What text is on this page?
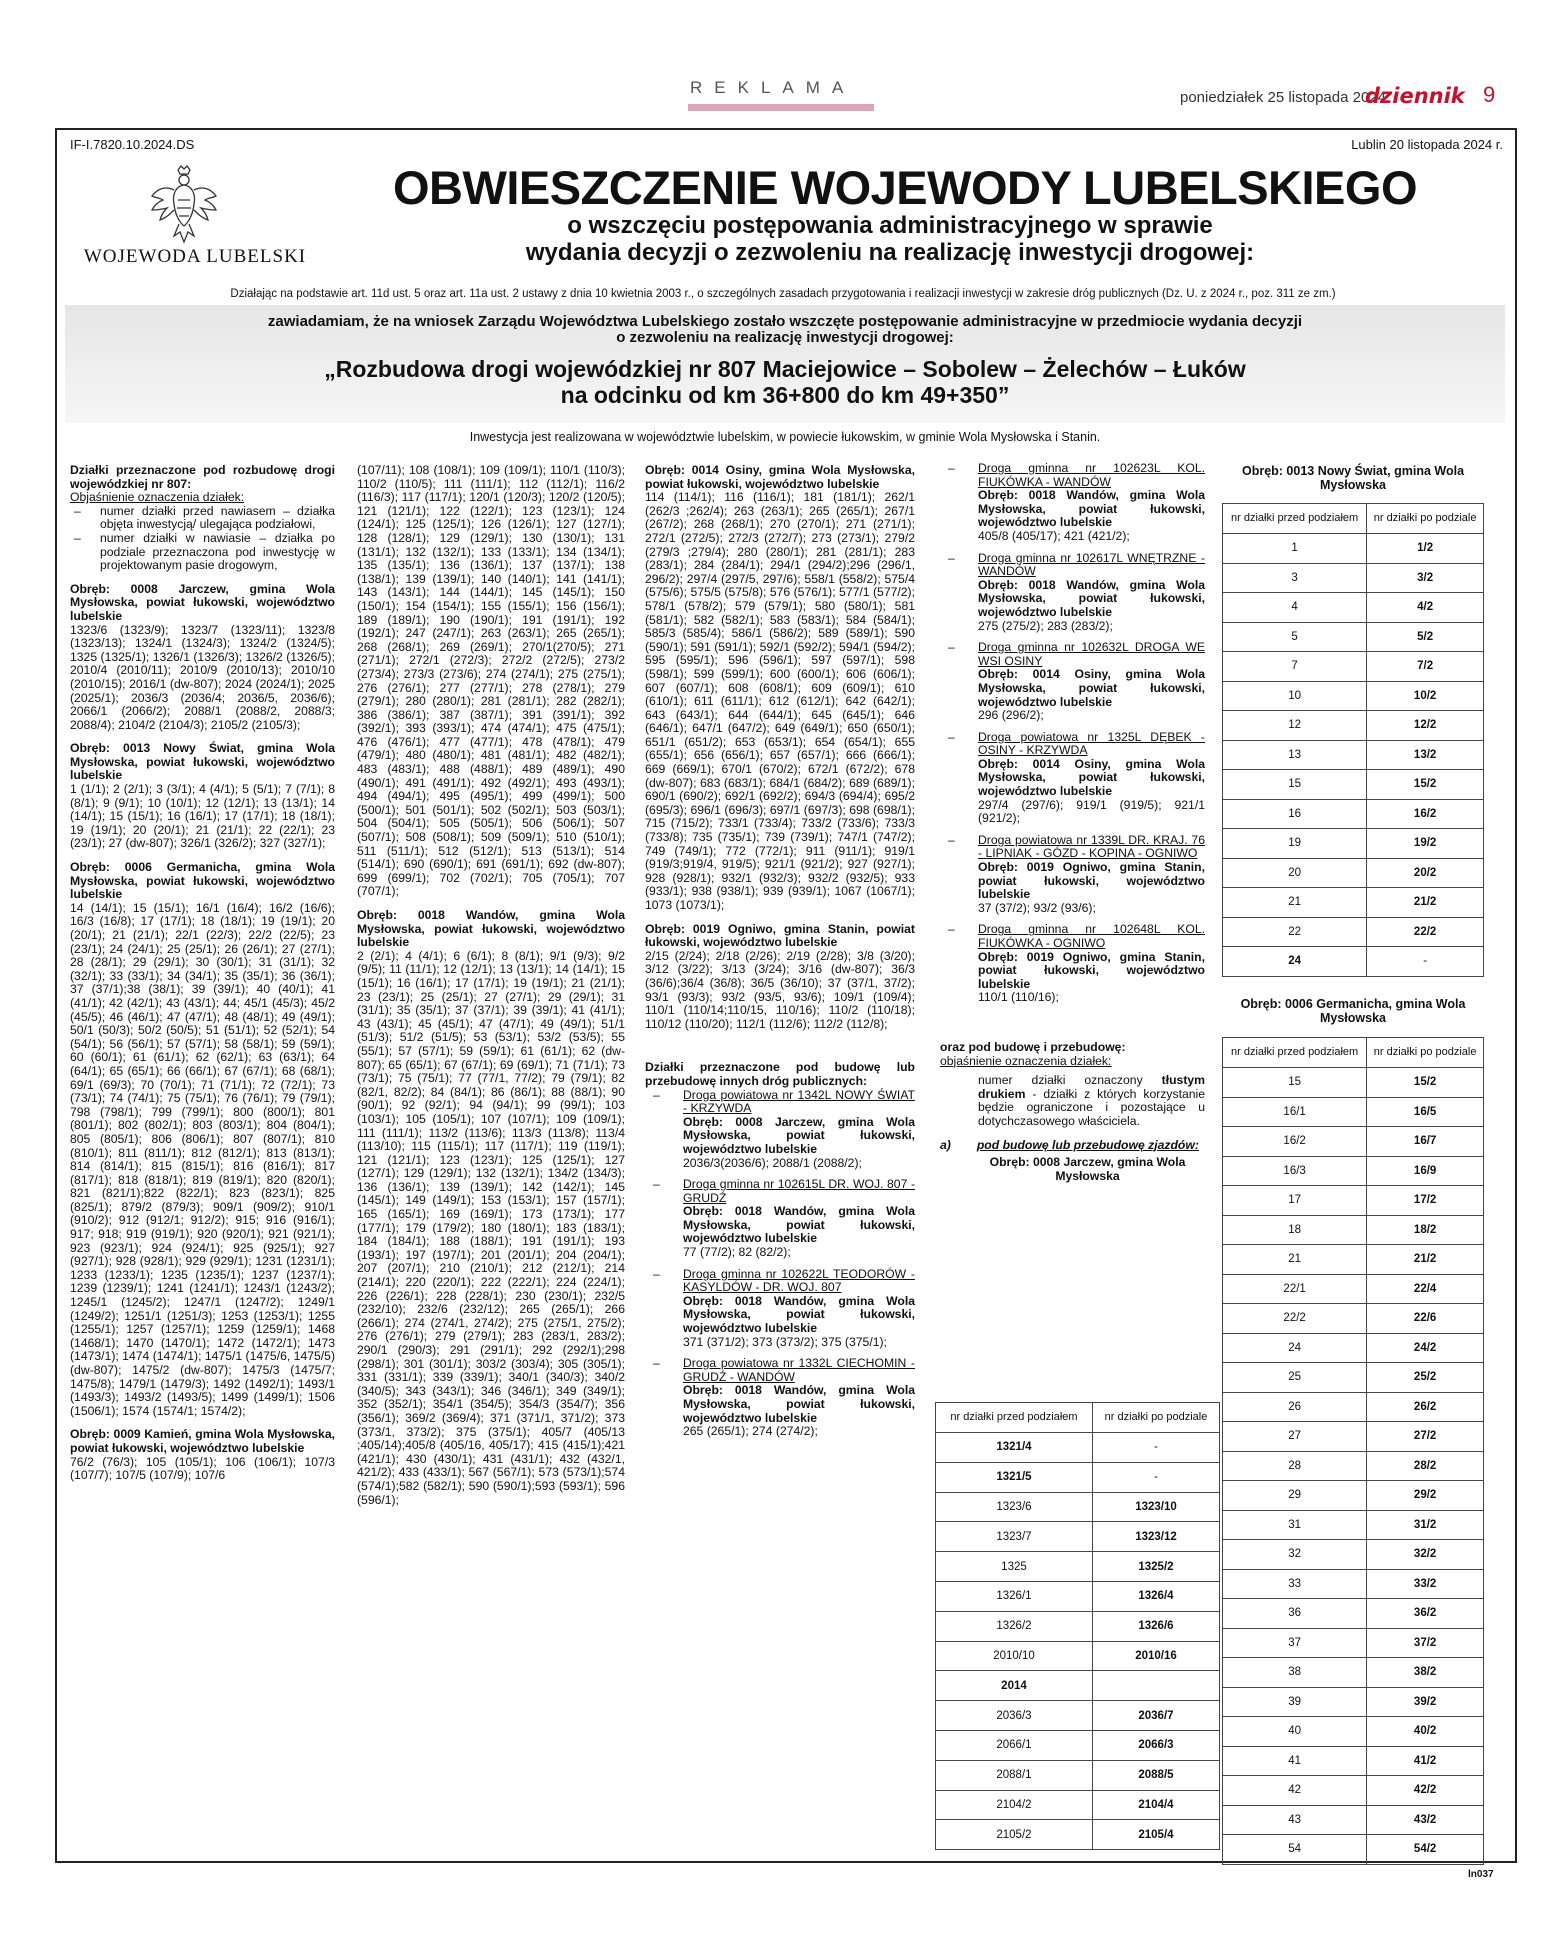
REKLAMA
poniedziałek 25 listopada 2024
dziennik 9
IF-I.7820.10.2024.DS	Lublin 20 listopada 2024 r.
WOJEWODA LUBELSKI
OBWIESZCZENIE WOJEWODY LUBELSKIEGO
o wszczęciu postępowania administracyjnego w sprawie
wydania decyzji o zezwoleniu na realizację inwestycji drogowej:
Działając na podstawie art. 11d ust. 5 oraz art. 11a ust. 2 ustawy z dnia 10 kwietnia 2003 r., o szczególnych zasadach przygotowania i realizacji inwestycji w zakresie dróg publicznych (Dz. U. z 2024 r., poz. 311 ze zm.)
zawiadamiam, że na wniosek Zarządu Województwa Lubelskiego zostało wszczęte postępowanie administracyjne w przedmiocie wydania decyzji
o zezwoleniu na realizację inwestycji drogowej:
„Rozbudowa drogi wojewódzkiej nr 807 Maciejowice – Sobolew – Żelechów – Łuków
na odcinku od km 36+800 do km 49+350”
Inwestycja jest realizowana w województwie lubelskim, w powiecie łukowskim, w gminie Wola Mysłowska i Stanin.

Działki przeznaczone pod rozbudowę drogi wojewódzkiej nr 807:

Objaśnienie oznaczenia działek:

– numer działki przed nawiasem – działka objęta inwestycją/ ulegająca podziałowi,

– numer działki w nawiasie – działka po podziale przeznaczona pod inwestycję w projektowanym pasie drogowym,

Obręb: 0008 Jarczew, gmina Wola Mysłowska, powiat łukowski, województwo lubelskie

1323/6 (1323/9); 1323/7 (1323/11); 1323/8 (1323/13); 1324/1 (1324/3); 1324/2 (1324/5); 1325 (1325/1); 1326/1 (1326/3); 1326/2 (1326/5); 2010/4 (2010/11); 2010/9 (2010/13); 2010/10 (2010/15); 2016/1 (dw-807); 2024 (2024/1); 2025 (2025/1); 2036/3 (2036/4; 2036/5, 2036/6); 2066/1 (2066/2); 2088/1 (2088/2, 2088/3; 2088/4); 2104/2 (2104/3); 2105/2 (2105/3);

Obręb: 0013 Nowy Świat, gmina Wola Mysłowska, powiat łukowski, województwo lubelskie

1 (1/1); 2 (2/1); 3 (3/1); 4 (4/1); 5 (5/1); 7 (7/1); 8 (8/1); 9 (9/1); 10 (10/1); 12 (12/1); 13 (13/1); 14 (14/1); 15 (15/1); 16 (16/1); 17 (17/1); 18 (18/1); 19 (19/1); 20 (20/1); 21 (21/1); 22 (22/1); 23 (23/1); 27 (dw-807); 326/1 (326/2); 327 (327/1);

Obręb: 0006 Germanicha, gmina Wola Mysłowska, powiat łukowski, województwo lubelskie

14 (14/1); 15 (15/1); 16/1 (16/4); 16/2 (16/6); 16/3 (16/8); 17 (17/1); 18 (18/1); 19 (19/1); 20 (20/1); 21 (21/1); 22/1 (22/3); 22/2 (22/5); 23 (23/1); 24 (24/1); 25 (25/1); 26 (26/1); 27 (27/1); 28 (28/1); 29 (29/1); 30 (30/1); 31 (31/1); 32 (32/1); 33 (33/1); 34 (34/1); 35 (35/1); 36 (36/1); 37 (37/1);38 (38/1); 39 (39/1); 40 (40/1); 41 (41/1); 42 (42/1); 43 (43/1); 44; 45/1 (45/3); 45/2 (45/5); 46 (46/1); 47 (47/1); 48 (48/1); 49 (49/1); 50/1 (50/3); 50/2 (50/5); 51 (51/1); 52 (52/1); 54 (54/1); 56 (56/1); 57 (57/1); 58 (58/1); 59 (59/1); 60 (60/1); 61 (61/1); 62 (62/1); 63 (63/1); 64 (64/1); 65 (65/1); 66 (66/1); 67 (67/1); 68 (68/1); 69/1 (69/3); 70 (70/1); 71 (71/1); 72 (72/1); 73 (73/1); 74 (74/1); 75 (75/1); 76 (76/1); 79 (79/1); 798 (798/1); 799 (799/1); 800 (800/1); 801 (801/1); 802 (802/1); 803 (803/1); 804 (804/1); 805 (805/1); 806 (806/1); 807 (807/1); 810 (810/1); 811 (811/1); 812 (812/1); 813 (813/1); 814 (814/1); 815 (815/1); 816 (816/1); 817 (817/1); 818 (818/1); 819 (819/1); 820 (820/1); 821 (821/1);822 (822/1); 823 (823/1); 825 (825/1); 879/2 (879/3); 909/1 (909/2); 910/1 (910/2); 912 (912/1; 912/2); 915; 916 (916/1); 917; 918; 919 (919/1); 920 (920/1); 921 (921/1); 923 (923/1); 924 (924/1); 925 (925/1); 927 (927/1); 928 (928/1); 929 (929/1); 1231 (1231/1); 1233 (1233/1); 1235 (1235/1); 1237 (1237/1); 1239 (1239/1); 1241 (1241/1); 1243/1 (1243/2); 1245/1 (1245/2); 1247/1 (1247/2); 1249/1 (1249/2); 1251/1 (1251/3); 1253 (1253/1); 1255 (1255/1); 1257 (1257/1); 1259 (1259/1); 1468 (1468/1); 1470 (1470/1); 1472 (1472/1); 1473 (1473/1); 1474 (1474/1); 1475/1 (1475/6, 1475/5) (dw-807); 1475/2 (dw-807); 1475/3 (1475/7; 1475/8); 1479/1 (1479/3); 1492 (1492/1); 1493/1 (1493/3); 1493/2 (1493/5); 1499 (1499/1); 1506 (1506/1); 1574 (1574/1; 1574/2);

Obręb: 0009 Kamień, gmina Wola Mysłowska, powiat łukowski, województwo lubelskie

76/2 (76/3); 105 (105/1); 106 (106/1); 107/3 (107/7); 107/5 (107/9); 107/6

(107/11); 108 (108/1); 109 (109/1); 110/1 (110/3); 110/2 (110/5); 111 (111/1); 112 (112/1); 116/2 (116/3); 117 (117/1); 120/1 (120/3); 120/2 (120/5); 121 (121/1); 122 (122/1); 123 (123/1); 124 (124/1); 125 (125/1); 126 (126/1); 127 (127/1); 128 (128/1); 129 (129/1); 130 (130/1); 131 (131/1); 132 (132/1); 133 (133/1); 134 (134/1); 135 (135/1); 136 (136/1); 137 (137/1); 138 (138/1); 139 (139/1); 140 (140/1); 141 (141/1); 143 (143/1); 144 (144/1); 145 (145/1); 150 (150/1); 154 (154/1); 155 (155/1); 156 (156/1); 189 (189/1); 190 (190/1); 191 (191/1); 192 (192/1); 247 (247/1); 263 (263/1); 265 (265/1); 268 (268/1); 269 (269/1); 270/1(270/5); 271 (271/1); 272/1 (272/3); 272/2 (272/5); 273/2 (273/4); 273/3 (273/6); 274 (274/1); 275 (275/1); 276 (276/1); 277 (277/1); 278 (278/1); 279 (279/1); 280 (280/1); 281 (281/1); 282 (282/1); 386 (386/1); 387 (387/1); 391 (391/1); 392 (392/1); 393 (393/1); 474 (474/1); 475 (475/1); 476 (476/1); 477 (477/1); 478 (478/1); 479 (479/1); 480 (480/1); 481 (481/1); 482 (482/1); 483 (483/1); 488 (488/1); 489 (489/1); 490 (490/1); 491 (491/1); 492 (492/1); 493 (493/1); 494 (494/1); 495 (495/1); 499 (499/1); 500 (500/1); 501 (501/1); 502 (502/1); 503 (503/1); 504 (504/1); 505 (505/1); 506 (506/1); 507 (507/1); 508 (508/1); 509 (509/1); 510 (510/1); 511 (511/1); 512 (512/1); 513 (513/1); 514 (514/1); 690 (690/1); 691 (691/1); 692 (dw-807); 699 (699/1); 702 (702/1); 705 (705/1); 707 (707/1);

Obręb: 0018 Wandów, gmina Wola Mysłowska, powiat łukowski, województwo lubelskie

2 (2/1); 4 (4/1); 6 (6/1); 8 (8/1); 9/1 (9/3); 9/2 (9/5); 11 (11/1); 12 (12/1); 13 (13/1); 14 (14/1); 15 (15/1); 16 (16/1); 17 (17/1); 19 (19/1); 21 (21/1); 23 (23/1); 25 (25/1); 27 (27/1); 29 (29/1); 31 (31/1); 35 (35/1); 37 (37/1); 39 (39/1); 41 (41/1); 43 (43/1); 45 (45/1); 47 (47/1); 49 (49/1); 51/1 (51/3); 51/2 (51/5); 53 (53/1); 53/2 (53/5); 55 (55/1); 57 (57/1); 59 (59/1); 61 (61/1); 62 (dw-807); 65 (65/1); 67 (67/1); 69 (69/1); 71 (71/1); 73 (73/1); 75 (75/1); 77 (77/1, 77/2); 79 (79/1); 82 (82/1, 82/2); 84 (84/1); 86 (86/1); 88 (88/1); 90 (90/1); 92 (92/1); 94 (94/1); 99 (99/1); 103 (103/1); 105 (105/1); 107 (107/1); 109 (109/1); 111 (111/1); 113/2 (113/6); 113/3 (113/8); 113/4 (113/10); 115 (115/1); 117 (117/1); 119 (119/1); 121 (121/1); 123 (123/1); 125 (125/1); 127 (127/1); 129 (129/1); 132 (132/1); 134/2 (134/3); 136 (136/1); 139 (139/1); 142 (142/1); 145 (145/1); 149 (149/1); 153 (153/1); 157 (157/1); 165 (165/1); 169 (169/1); 173 (173/1); 177 (177/1); 179 (179/2); 180 (180/1); 183 (183/1); 184 (184/1); 188 (188/1); 191 (191/1); 193 (193/1); 197 (197/1); 201 (201/1); 204 (204/1); 207 (207/1); 210 (210/1); 212 (212/1); 214 (214/1); 220 (220/1); 222 (222/1); 224 (224/1); 226 (226/1); 228 (228/1); 230 (230/1); 232/5 (232/10); 232/6 (232/12); 265 (265/1); 266 (266/1); 274 (274/1, 274/2); 275 (275/1, 275/2); 276 (276/1); 279 (279/1); 283 (283/1, 283/2); 290/1 (290/3); 291 (291/1); 292 (292/1);298 (298/1); 301 (301/1); 303/2 (303/4); 305 (305/1); 331 (331/1); 339 (339/1); 340/1 (340/3); 340/2 (340/5); 343 (343/1); 346 (346/1); 349 (349/1); 352 (352/1); 354/1 (354/5); 354/3 (354/7); 356 (356/1); 369/2 (369/4); 371 (371/1, 371/2); 373 (373/1, 373/2); 375 (375/1); 405/7 (405/13 ;405/14);405/8 (405/16, 405/17); 415 (415/1);421 (421/1); 430 (430/1); 431 (431/1); 432 (432/1, 421/2); 433 (433/1); 567 (567/1); 573 (573/1);574 (574/1);582 (582/1); 590 (590/1);593 (593/1); 596 (596/1);

Obręb: 0014 Osiny, gmina Wola Mysłowska, powiat łukowski, województwo lubelskie

114 (114/1); 116 (116/1); 181 (181/1); 262/1 (262/3 ;262/4); 263 (263/1); 265 (265/1); 267/1 (267/2); 268 (268/1); 270 (270/1); 271 (271/1); 272/1 (272/5); 272/3 (272/7); 273 (273/1); 279/2 (279/3 ;279/4); 280 (280/1); 281 (281/1); 283 (283/1); 284 (284/1); 294/1 (294/2);296 (296/1, 296/2); 297/4 (297/5, 297/6); 558/1 (558/2); 575/4 (575/6); 575/5 (575/8); 576 (576/1); 577/1 (577/2); 578/1 (578/2); 579 (579/1); 580 (580/1); 581 (581/1); 582 (582/1); 583 (583/1); 584 (584/1); 585/3 (585/4); 586/1 (586/2); 589 (589/1); 590 (590/1); 591 (591/1); 592/1 (592/2); 594/1 (594/2); 595 (595/1); 596 (596/1); 597 (597/1); 598 (598/1); 599 (599/1); 600 (600/1); 606 (606/1); 607 (607/1); 608 (608/1); 609 (609/1); 610 (610/1); 611 (611/1); 612 (612/1); 642 (642/1); 643 (643/1); 644 (644/1); 645 (645/1); 646 (646/1); 647/1 (647/2); 649 (649/1); 650 (650/1); 651/1 (651/2); 653 (653/1); 654 (654/1); 655 (655/1); 656 (656/1); 657 (657/1); 666 (666/1); 669 (669/1); 670/1 (670/2); 672/1 (672/2); 678 (dw-807); 683 (683/1); 684/1 (684/2); 689 (689/1); 690/1 (690/2); 692/1 (692/2); 694/3 (694/4); 695/2 (695/3); 696/1 (696/3); 697/1 (697/3); 698 (698/1); 715 (715/2); 733/1 (733/4); 733/2 (733/6); 733/3 (733/8); 735 (735/1); 739 (739/1); 747/1 (747/2); 749 (749/1); 772 (772/1); 911 (911/1); 919/1 (919/3;919/4, 919/5); 921/1 (921/2); 927 (927/1); 928 (928/1); 932/1 (932/3); 932/2 (932/5); 933 (933/1); 938 (938/1); 939 (939/1); 1067 (1067/1); 1073 (1073/1);

Obręb: 0019 Ogniwo, gmina Stanin, powiat łukowski, województwo lubelskie

2/15 (2/24); 2/18 (2/26); 2/19 (2/28); 3/8 (3/20); 3/12 (3/22); 3/13 (3/24); 3/16 (dw-807); 36/3 (36/6);36/4 (36/8); 36/5 (36/10); 37 (37/1, 37/2); 93/1 (93/3); 93/2 (93/5, 93/6); 109/1 (109/4); 110/1 (110/14;110/15, 110/16); 110/2 (110/18); 110/12 (110/20); 112/1 (112/6); 112/2 (112/8);

Działki przeznaczone pod budowę lub przebudowę innych dróg publicznych:

– Droga powiatowa nr 1342L NOWY ŚWIAT - KRZYWDA
Obręb: 0008 Jarczew, gmina Wola Mysłowska, powiat łukowski, województwo lubelskie
2036/3(2036/6); 2088/1 (2088/2);
– Droga gminna nr 102615L DR. WOJ. 807 - GRUDŹ
Obręb: 0018 Wandów, gmina Wola Mysłowska, powiat łukowski, województwo lubelskie
77 (77/2); 82 (82/2);
– Droga gminna nr 102622L TEODORÓW - KASYLDÓW - DR. WOJ. 807
Obręb: 0018 Wandów, gmina Wola Mysłowska, powiat łukowski, województwo lubelskie
371 (371/2); 373 (373/2); 375 (375/1);
– Droga powiatowa nr 1332L CIECHOMIN - GRUDŹ - WANDÓW
Obręb: 0018 Wandów, gmina Wola Mysłowska, powiat łukowski, województwo lubelskie
265 (265/1); 274 (274/2);
– Droga gminna nr 102623L KOL. FIUKÓWKA - WANDÓW
Obręb: 0018 Wandów, gmina Wola Mysłowska, powiat łukowski, województwo lubelskie
405/8 (405/17); 421 (421/2);
– Droga gminna nr 102617L WNĘTRZNE - WANDÓW
Obręb: 0018 Wandów, gmina Wola Mysłowska, powiat łukowski, województwo lubelskie
275 (275/2); 283 (283/2);
– Droga gminna nr 102632L DROGA WE WSI OSINY
Obręb: 0014 Osiny, gmina Wola Mysłowska, powiat łukowski, województwo lubelskie
296 (296/2);
– Droga powiatowa nr 1325L DĘBEK - OSINY - KRZYWDA
Obręb: 0014 Osiny, gmina Wola Mysłowska, powiat łukowski, województwo lubelskie
297/4 (297/6); 919/1 (919/5); 921/1 (921/2);
– Droga powiatowa nr 1339L DR. KRAJ. 76 - LIPNIAK - GÓZD - KOPINA - OGNIWO
Obręb: 0019 Ogniwo, gmina Stanin, powiat łukowski, województwo lubelskie
37 (37/2); 93/2 (93/6);
– Droga gminna nr 102648L KOL. FIUKÓWKA - OGNIWO
Obręb: 0019 Ogniwo, gmina Stanin, powiat łukowski, województwo lubelskie
110/1 (110/16);

oraz pod budowę i przebudowę:

objaśnienie oznaczenia działek:

numer działki oznaczony tłustym drukiem - działki z których korzystanie będzie ograniczone i pozostające u dotychczasowego właściciela.

a) pod budowę lub przebudowę zjazdów:

Obręb: 0008 Jarczew, gmina Wola Mysłowska

nr działki przed podziałem	nr działki po podziale
1321/4	-
1321/5	-
1323/6	1323/10
1323/7	1323/12
1325	1325/2
1326/1	1326/4
1326/2	1326/6
2010/10	2010/16
2014	
2036/3	2036/7
2066/1	2066/3
2088/1	2088/5
2104/2	2104/4
2105/2	2105/4
Obręb: 0013 Nowy Świat, gmina Wola Mysłowska
nr działki przed podziałem	nr działki po podziale
1	1/2
3	3/2
4	4/2
5	5/2
7	7/2
10	10/2
12	12/2
13	13/2
15	15/2
16	16/2
19	19/2
20	20/2
21	21/2
22	22/2
24	-
Obręb: 0006 Germanicha, gmina Wola Mysłowska
nr działki przed podziałem	nr działki po podziale
15	15/2
16/1	16/5
16/2	16/7
16/3	16/9
17	17/2
18	18/2
21	21/2
22/1	22/4
22/2	22/6
24	24/2
25	25/2
26	26/2
27	27/2
28	28/2
29	29/2
31	31/2
32	32/2
33	33/2
36	36/2
37	37/2
38	38/2
39	39/2
40	40/2
41	41/2
42	42/2
43	43/2
54	54/2
ln037
